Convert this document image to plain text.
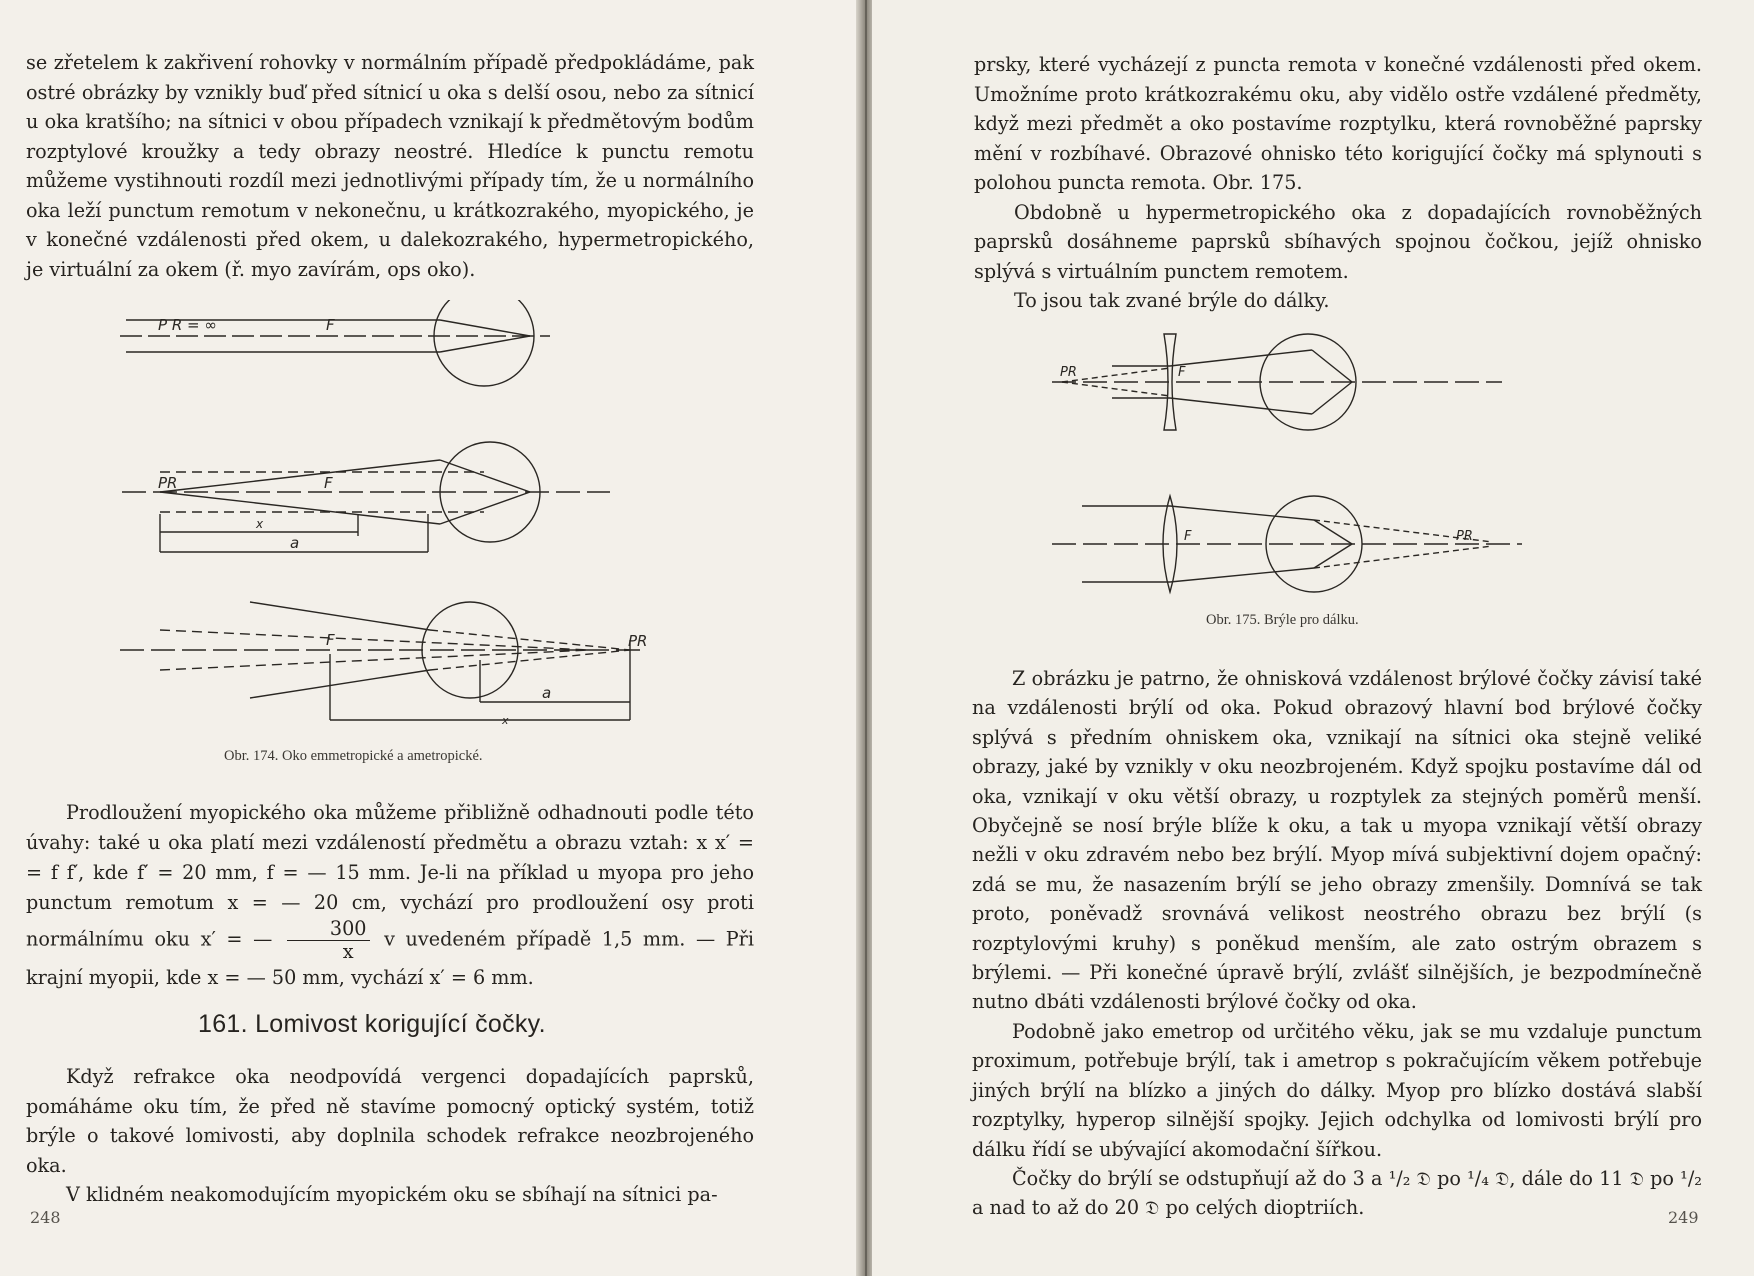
se zřetelem k zakřivení rohovky v normálním případě předpokládáme, pak ostré obrázky by vznikly buď před sítnicí u oka s delší osou, nebo za sítnicí u oka kratšího; na sítnici v obou případech vznikají k předmětovým bodům rozptylové kroužky a tedy obrazy neostré. Hledíce k punctu remotu můžeme vystihnouti rozdíl mezi jednotlivými případy tím, že u normálního oka leží punctum remotum v nekonečnu, u krátkozrakého, myopického, je v konečné vzdálenosti před okem, u dalekozrakého, hypermetropického, je virtuální za okem (ř. myo zavírám, ops oko).

P R = ∞	F
PR	F
x
a
F	PR
a
x
Obr. 174. Oko emmetropické a ametropické.

Prodloužení myopického oka můžeme přibližně odhadnouti podle této úvahy: také u oka platí mezi vzdáleností předmětu a obrazu vztah: x x′ = = f f′, kde f′ = 20 mm, f = — 15 mm. Je-li na příklad u myopa pro jeho punctum remotum x = — 20 cm, vychází pro prodloužení osy proti normálnímu oku x′ = — $\frac{300}{x}$ v uvedeném případě 1,5 mm. — Při krajní myopii, kde x = — 50 mm, vychází x′ = 6 mm.

161. Lomivost korigující čočky.

Když refrakce oka neodpovídá vergenci dopadajících paprsků, pomáháme oku tím, že před ně stavíme pomocný optický systém, totiž brýle o takové lomivosti, aby doplnila schodek refrakce neozbrojeného oka.

V klidném neakomodujícím myopickém oku se sbíhají na sítnici pa-

248

prsky, které vycházejí z puncta remota v konečné vzdálenosti před okem. Umožníme proto krátkozrakému oku, aby vidělo ostře vzdálené předměty, když mezi předmět a oko postavíme rozptylku, která rovnoběžné paprsky mění v rozbíhavé. Obrazové ohnisko této korigující čočky má splynouti s polohou puncta remota. Obr. 175.

Obdobně u hypermetropického oka z dopadajících rovnoběžných paprsků dosáhneme paprsků sbíhavých spojnou čočkou, jejíž ohnisko splývá s virtuálním punctem remotem.

To jsou tak zvané brýle do dálky.

PR	F
F	PR
Obr. 175. Brýle pro dálku.

Z obrázku je patrno, že ohnisková vzdálenost brýlové čočky závisí také na vzdálenosti brýlí od oka. Pokud obrazový hlavní bod brýlové čočky splývá s předním ohniskem oka, vznikají na sítnici oka stejně veliké obrazy, jaké by vznikly v oku neozbrojeném. Když spojku postavíme dál od oka, vznikají v oku větší obrazy, u rozptylek za stejných poměrů menší. Obyčejně se nosí brýle blíže k oku, a tak u myopa vznikají větší obrazy nežli v oku zdravém nebo bez brýlí. Myop mívá subjektivní dojem opačný: zdá se mu, že nasazením brýlí se jeho obrazy zmenšily. Domnívá se tak proto, poněvadž srovnává velikost neostrého obrazu bez brýlí (s rozptylovými kruhy) s poněkud menším, ale zato ostrým obrazem s brýlemi. — Při konečné úpravě brýlí, zvlášť silnějších, je bezpodmínečně nutno dbáti vzdálenosti brýlové čočky od oka.

Podobně jako emetrop od určitého věku, jak se mu vzdaluje punctum proximum, potřebuje brýlí, tak i ametrop s pokračujícím věkem potřebuje jiných brýlí na blízko a jiných do dálky. Myop pro blízko dostává slabší rozptylky, hyperop silnější spojky. Jejich odchylka od lomivosti brýlí pro dálku řídí se ubývající akomodační šířkou.

Čočky do brýlí se odstupňují až do 3 a ¹/₂ 𝔇 po ¹/₄ 𝔇, dále do 11 𝔇 po ¹/₂ a nad to až do 20 𝔇 po celých dioptriích.	249
